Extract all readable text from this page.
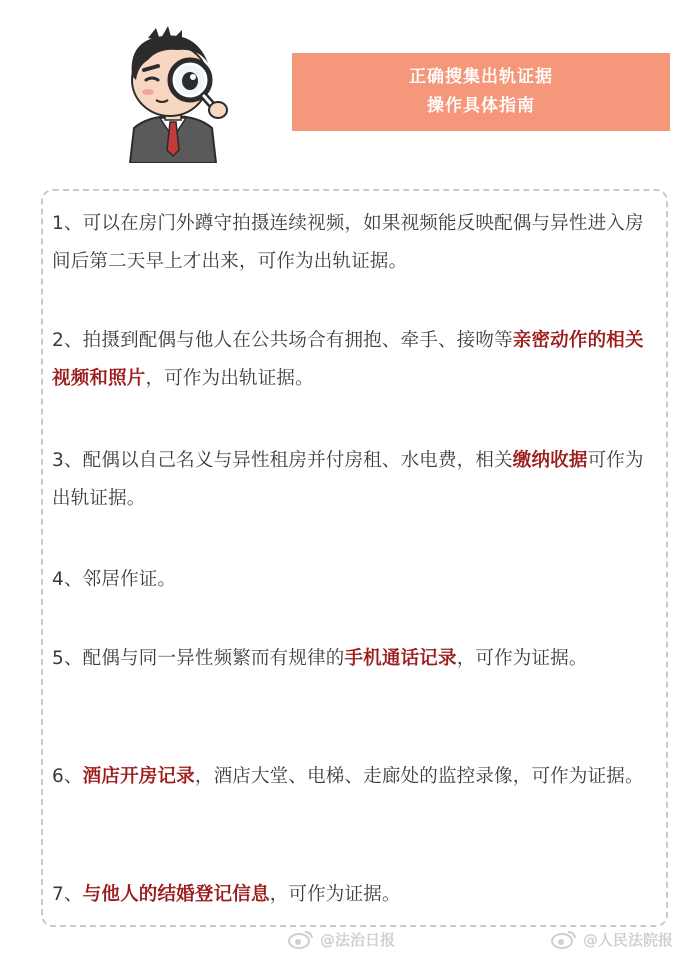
正确搜集出轨证据
操作具体指南

1、可以在房门外蹲守拍摄连续视频，如果视频能反映配偶与异性进入房间后第二天早上才出来，可作为出轨证据。

2、拍摄到配偶与他人在公共场合有拥抱、牵手、接吻等亲密动作的相关视频和照片，可作为出轨证据。

3、配偶以自己名义与异性租房并付房租、水电费，相关缴纳收据可作为出轨证据。

4、邻居作证。

5、配偶与同一异性频繁而有规律的手机通话记录，可作为证据。

6、酒店开房记录，酒店大堂、电梯、走廊处的监控录像，可作为证据。

7、与他人的结婚登记信息，可作为证据。

@法治日报	@人民法院报
